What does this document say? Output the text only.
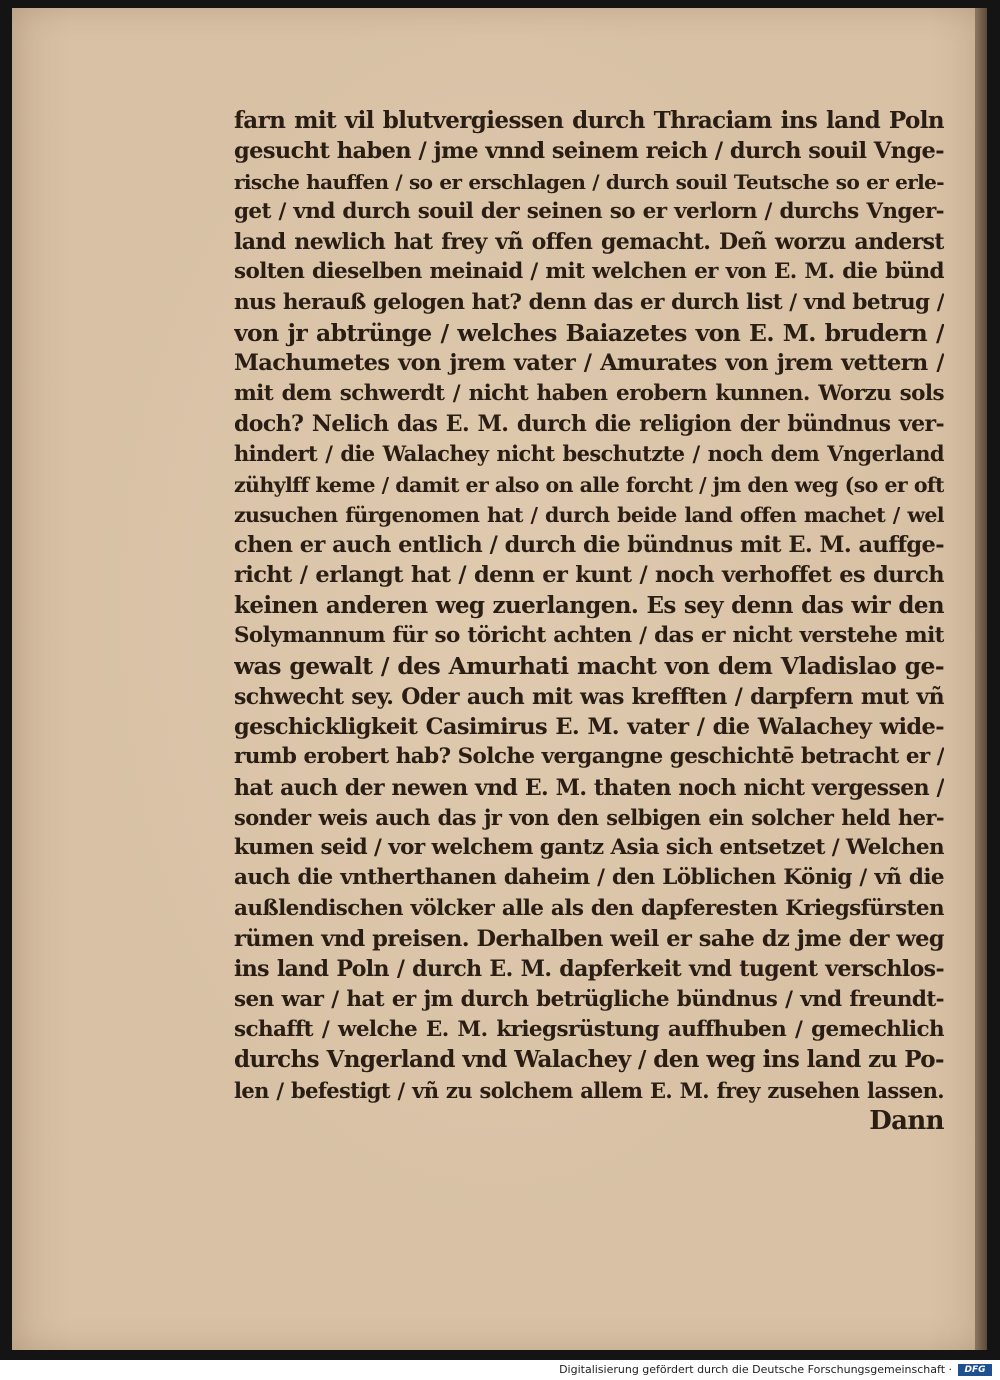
farn mit vil blutvergiessen durch Thraciam ins land Poln
gesucht haben / jme vnnd seinem reich / durch souil Vnge-
rische hauffen / so er erschlagen / durch souil Teutsche so er erle-
get / vnd durch souil der seinen so er verlorn / durchs Vnger-
land newlich hat frey vñ offen gemacht. Deñ worzu anderst
solten dieselben meinaid / mit welchen er von E. M. die bünd
nus herauß gelogen hat? denn das er durch list / vnd betrug /
von jr abtrünge / welches Baiazetes von E. M. brudern /
Machumetes von jrem vater / Amurates von jrem vettern /
mit dem schwerdt / nicht haben erobern kunnen. Worzu sols
doch? Nelich das E. M. durch die religion der bündnus ver-
hindert / die Walachey nicht beschutzte / noch dem Vngerland
zühylff keme / damit er also on alle forcht / jm den weg (so er oft
zusuchen fürgenomen hat / durch beide land offen machet / wel
chen er auch entlich / durch die bündnus mit E. M. auffge-
richt / erlangt hat / denn er kunt / noch verhoffet es durch
keinen anderen weg zuerlangen. Es sey denn das wir den
Solymannum für so töricht achten / das er nicht verstehe mit
was gewalt / des Amurhati macht von dem Vladislao ge-
schwecht sey. Oder auch mit was krefften / darpfern mut vñ
geschickligkeit Casimirus E. M. vater / die Walachey wide-
rumb erobert hab? Solche vergangne geschichtē betracht er /
hat auch der newen vnd E. M. thaten noch nicht vergessen /
sonder weis auch das jr von den selbigen ein solcher held her-
kumen seid / vor welchem gantz Asia sich entsetzet / Welchen
auch die vntherthanen daheim / den Löblichen König / vñ die
außlendischen völcker alle als den dapferesten Kriegsfürsten
rümen vnd preisen. Derhalben weil er sahe dz jme der weg
ins land Poln / durch E. M. dapferkeit vnd tugent verschlos-
sen war / hat er jm durch betrügliche bündnus / vnd freundt-
schafft / welche E. M. kriegsrüstung auffhuben / gemechlich
durchs Vngerland vnd Walachey / den weg ins land zu Po-
len / befestigt / vñ zu solchem allem E. M. frey zusehen lassen.
Dann
Digitalisierung gefördert durch die Deutsche Forschungsgemeinschaft ·	DFG
